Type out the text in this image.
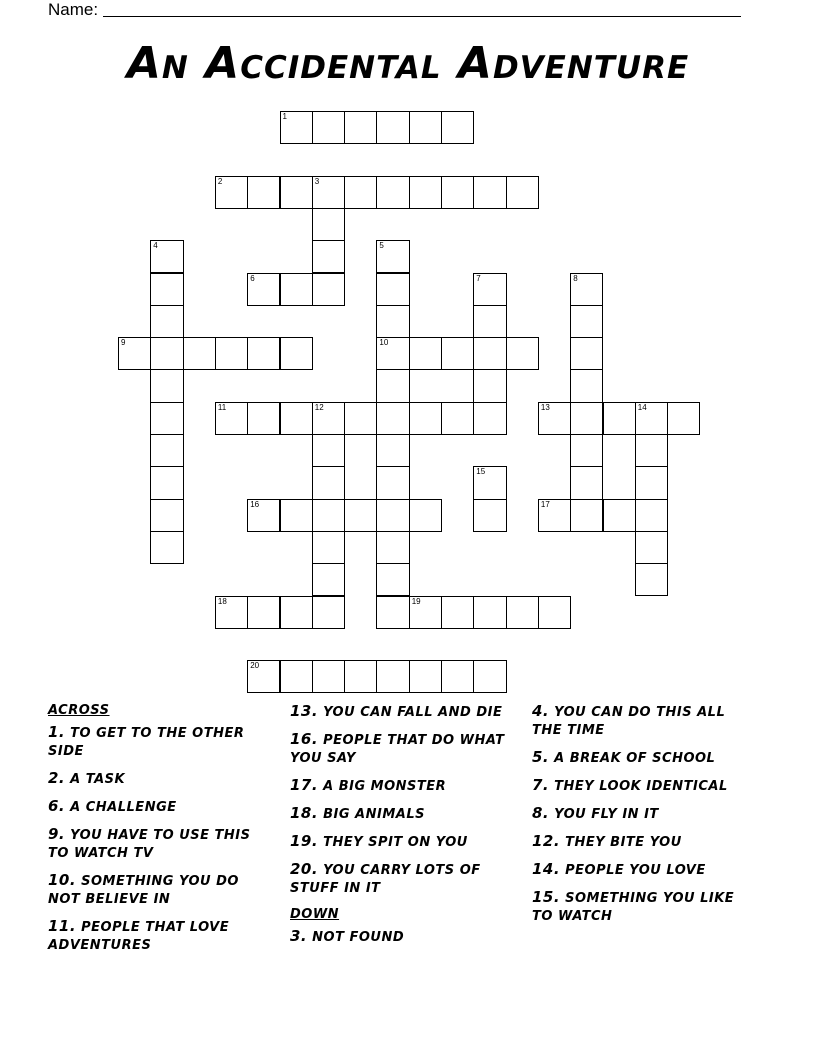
Name:
An Accidental Adventure
1
2	3
4	5
10
6	7	8
9
11	12	13	14
15
16	17
18	19
20
ACROSS
1. TO GET TO THE OTHER SIDE
2. A TASK
6. A CHALLENGE
9. YOU HAVE TO USE THIS TO WATCH TV
10. SOMETHING YOU DO NOT BELIEVE IN
11. PEOPLE THAT LOVE ADVENTURES
13. YOU CAN FALL AND DIE
16. PEOPLE THAT DO WHAT YOU SAY
17. A BIG MONSTER
18. BIG ANIMALS
19. THEY SPIT ON YOU
20. YOU CARRY LOTS OF STUFF IN IT
DOWN
3. NOT FOUND
4. YOU CAN DO THIS ALL THE TIME
5. A BREAK OF SCHOOL
7. THEY LOOK IDENTICAL
8. YOU FLY IN IT
12. THEY BITE YOU
14. PEOPLE YOU LOVE
15. SOMETHING YOU LIKE TO WATCH
